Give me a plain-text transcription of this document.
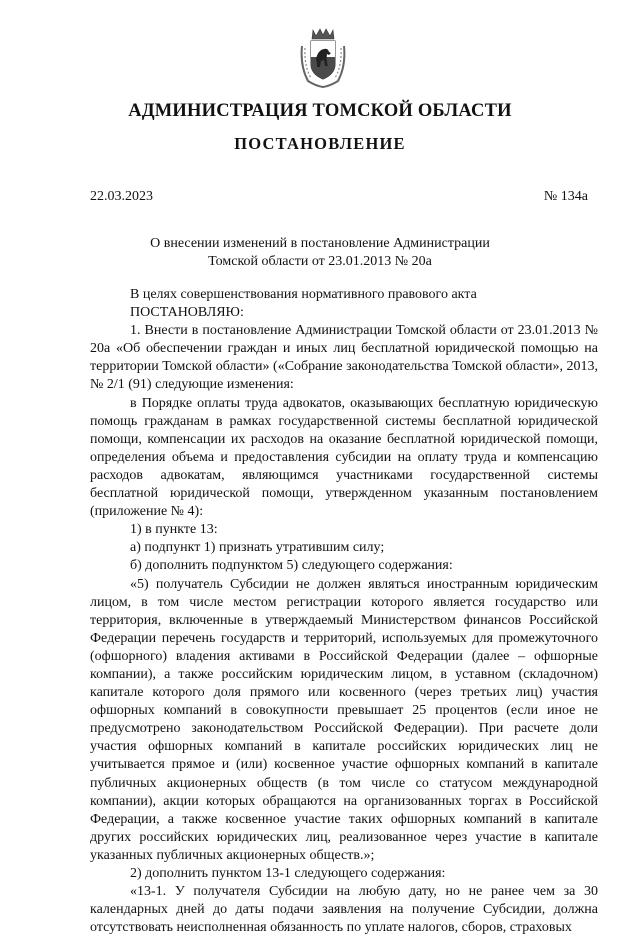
АДМИНИСТРАЦИЯ ТОМСКОЙ ОБЛАСТИ
ПОСТАНОВЛЕНИЕ
22.03.2023	№ 134а
О внесении изменений в постановление Администрации
Томской области от 23.01.2013 № 20а

В целях совершенствования нормативного правового акта

ПОСТАНОВЛЯЮ:

1. Внести в постановление Администрации Томской области от 23.01.2013 № 20а «Об обеспечении граждан и иных лиц бесплатной юридической помощью на территории Томской области» («Собрание законодательства Томской области», 2013, № 2/1 (91) следующие изменения:

в Порядке оплаты труда адвокатов, оказывающих бесплатную юридическую помощь гражданам в рамках государственной системы бесплатной юридической помощи, компенсации их расходов на оказание бесплатной юридической помощи, определения объема и предоставления субсидии на оплату труда и компенсацию расходов адвокатам, являющимся участниками государственной системы бесплатной юридической помощи, утвержденном указанным постановлением (приложение № 4):

1) в пункте 13:

а) подпункт 1) признать утратившим силу;

б) дополнить подпунктом 5) следующего содержания:

«5) получатель Субсидии не должен являться иностранным юридическим лицом, в том числе местом регистрации которого является государство или территория, включенные в утверждаемый Министерством финансов Российской Федерации перечень государств и территорий, используемых для промежуточного (офшорного) владения активами в Российской Федерации (далее – офшорные компании), а также российским юридическим лицом, в уставном (складочном) капитале которого доля прямого или косвенного (через третьих лиц) участия офшорных компаний в совокупности превышает 25 процентов (если иное не предусмотрено законодательством Российской Федерации). При расчете доли участия офшорных компаний в капитале российских юридических лиц не учитывается прямое и (или) косвенное участие офшорных компаний в капитале публичных акционерных обществ (в том числе со статусом международной компании), акции которых обращаются на организованных торгах в Российской Федерации, а также косвенное участие таких офшорных компаний в капитале других российских юридических лиц, реализованное через участие в капитале указанных публичных акционерных обществ.»;

2) дополнить пунктом 13-1 следующего содержания:

«13-1. У получателя Субсидии на любую дату, но не ранее чем за 30 календарных дней до даты подачи заявления на получение Субсидии, должна отсутствовать неисполненная обязанность по уплате налогов, сборов, страховых
